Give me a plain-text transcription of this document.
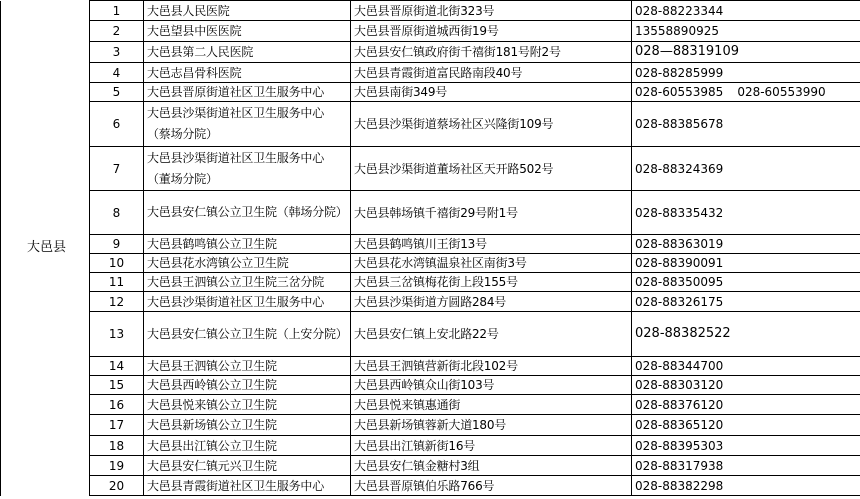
大邑县	1	大邑县人民医院	大邑县晋原街道北街323号	028-88223344
	2	大邑望县中医医院	大邑县晋原街道城西街19号	13558890925
	3	大邑县第二人民医院	大邑县安仁镇政府街千禧街181号附2号	028—88319109
	4	大邑志昌骨科医院	大邑县青霞街道富民路南段40号	028-88285999
	5	大邑县晋原街道社区卫生服务中心	大邑县南街349号	028-60553985 028-60553990
	6	大邑县沙渠街道社区卫生服务中心（蔡场分院）	大邑县沙渠街道蔡场社区兴隆街109号	028-88385678
	7	大邑县沙渠街道社区卫生服务中心（董场分院）	大邑县沙渠街道董场社区天开路502号	028-88324369
	8	大邑县安仁镇公立卫生院（韩场分院）	大邑县韩场镇千禧街29号附1号	028-88335432
	9	大邑县鹤鸣镇公立卫生院	大邑县鹤鸣镇川王街13号	028-88363019
	10	大邑县花水湾镇公立卫生院	大邑县花水湾镇温泉社区南街3号	028-88390091
	11	大邑县王泗镇公立卫生院三岔分院	大邑县三岔镇梅花街上段155号	028-88350095
	12	大邑县沙渠街道社区卫生服务中心	大邑县沙渠街道方圆路284号	028-88326175
	13	大邑县安仁镇公立卫生院（上安分院）	大邑县安仁镇上安北路22号	028-88382522
	14	大邑县王泗镇公立卫生院	大邑县王泗镇营新街北段102号	028-88344700
	15	大邑县西岭镇公立卫生院	大邑县西岭镇众山街103号	028-88303120
	16	大邑县悦来镇公立卫生院	大邑县悦来镇惠通街	028-88376120
	17	大邑县新场镇公立卫生院	大邑县新场镇蓉新大道180号	028-88365120
	18	大邑县出江镇公立卫生院	大邑县出江镇新街16号	028-88395303
	19	大邑县安仁镇元兴卫生院	大邑县安仁镇金糖村3组	028-88317938
	20	大邑县青霞街道社区卫生服务中心	大邑县晋原镇伯乐路766号	028-88382298
